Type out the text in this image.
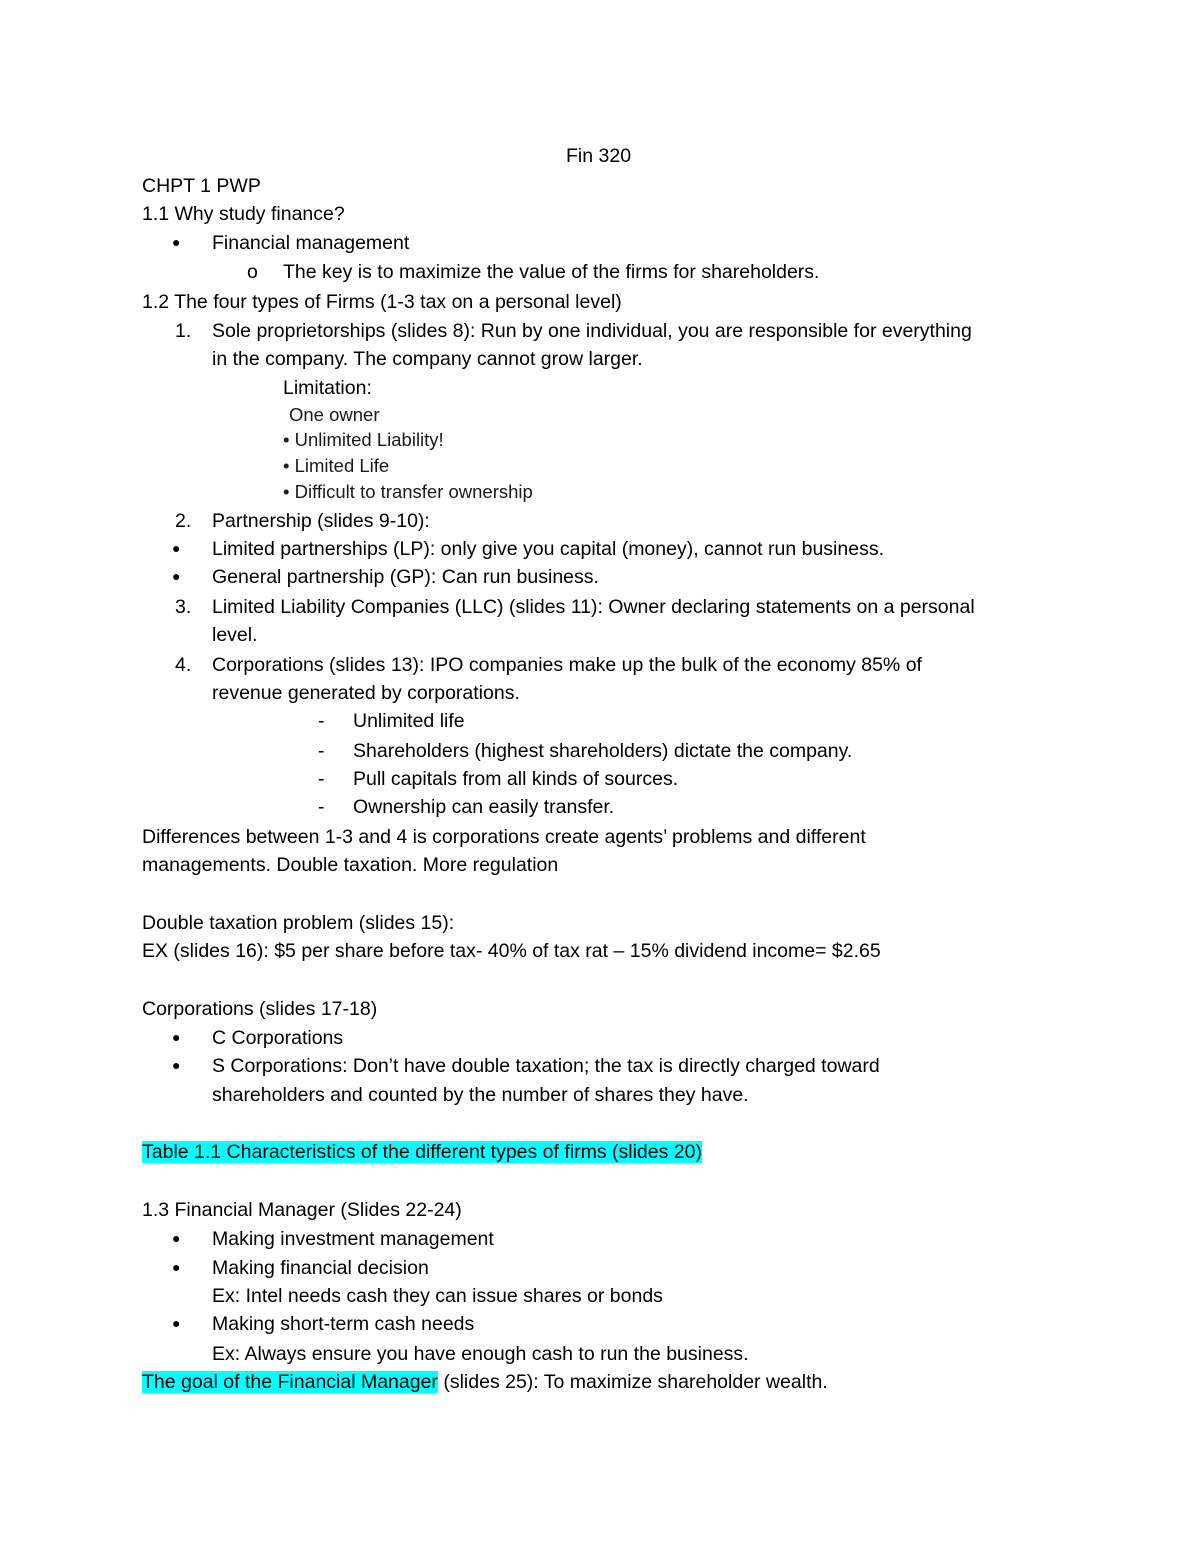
Fin 320
CHPT 1 PWP
1.1 Why study finance?
● Financial management
o The key is to maximize the value of the firms for shareholders.
1.2 The four types of Firms (1-3 tax on a personal level)
1. Sole proprietorships (slides 8): Run by one individual, you are responsible for everything
in the company. The company cannot grow larger.
Limitation:
One owner
• Unlimited Liability!
• Limited Life
• Difficult to transfer ownership
2. Partnership (slides 9-10):
● Limited partnerships (LP): only give you capital (money), cannot run business.
● General partnership (GP): Can run business.
3. Limited Liability Companies (LLC) (slides 11): Owner declaring statements on a personal
level.
4. Corporations (slides 13): IPO companies make up the bulk of the economy 85% of
revenue generated by corporations.
- Unlimited life
- Shareholders (highest shareholders) dictate the company.
- Pull capitals from all kinds of sources.
- Ownership can easily transfer.
Differences between 1-3 and 4 is corporations create agents’ problems and different
managements. Double taxation. More regulation
Double taxation problem (slides 15):
EX (slides 16): $5 per share before tax- 40% of tax rat – 15% dividend income= $2.65
Corporations (slides 17-18)
● C Corporations
● S Corporations: Don’t have double taxation; the tax is directly charged toward
shareholders and counted by the number of shares they have.
Table 1.1 Characteristics of the different types of firms (slides 20)
1.3 Financial Manager (Slides 22-24)
● Making investment management
● Making financial decision
Ex: Intel needs cash they can issue shares or bonds
● Making short-term cash needs
Ex: Always ensure you have enough cash to run the business.
The goal of the Financial Manager (slides 25): To maximize shareholder wealth.
